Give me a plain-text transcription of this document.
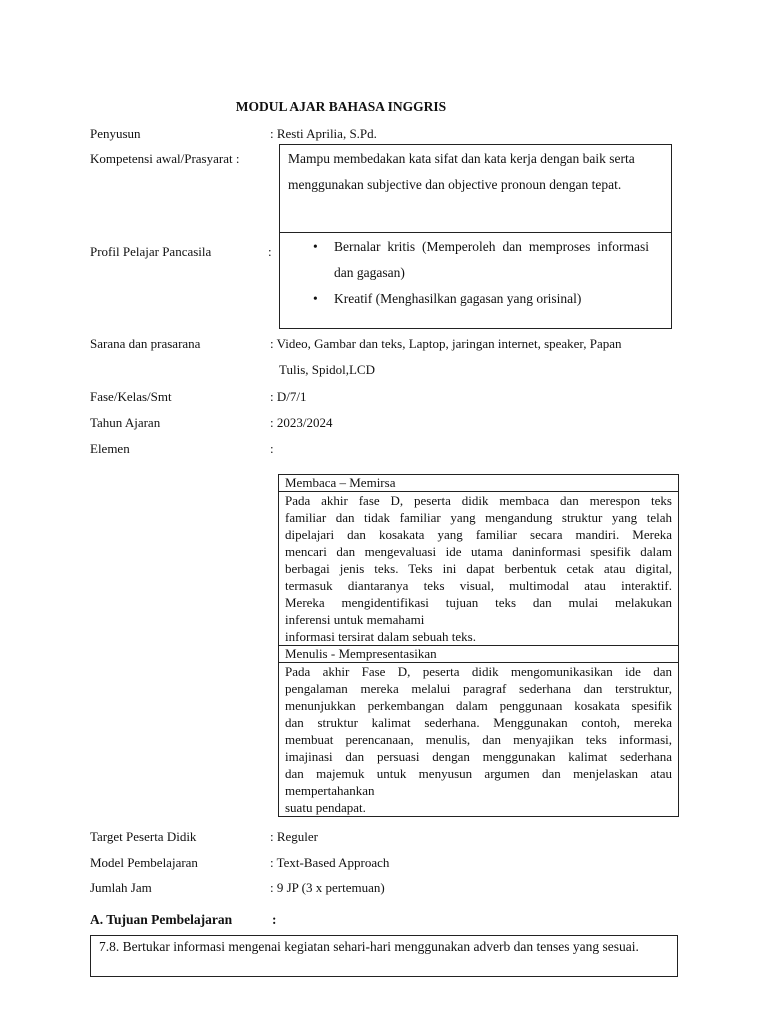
MODUL AJAR BAHASA INGGRIS
Penyusun	: Resti Aprilia, S.Pd.
Kompetensi awal/Prasyarat :	Mampu membedakan kata sifat dan kata kerja dengan baik serta
menggunakan subjective dan objective pronoun dengan tepat.
Profil Pelajar Pancasila	:	• Bernalar kritis (Memperoleh dan memproses informasi dan gagasan)
• Kreatif (Menghasilkan gagasan yang orisinal)
Sarana dan prasarana	: Video, Gambar dan teks, Laptop, jaringan internet, speaker, Papan
Tulis, Spidol,LCD
Fase/Kelas/Smt	: D/7/1
Tahun Ajaran	: 2023/2024
Elemen	:
Membaca – Memirsa
Pada akhir fase D, peserta didik membaca dan merespon teks
familiar dan tidak familiar yang mengandung struktur yang telah
dipelajari dan kosakata yang familiar secara mandiri. Mereka
mencari dan mengevaluasi ide utama daninformasi spesifik dalam
berbagai jenis teks. Teks ini dapat berbentuk cetak atau digital,
termasuk diantaranya teks visual, multimodal atau interaktif.
Mereka mengidentifikasi tujuan teks dan mulai melakukan
inferensi untuk memahami
informasi tersirat dalam sebuah teks.
Menulis - Mempresentasikan
Pada akhir Fase D, peserta didik mengomunikasikan ide dan
pengalaman mereka melalui paragraf sederhana dan terstruktur,
menunjukkan perkembangan dalam penggunaan kosakata spesifik
dan struktur kalimat sederhana. Menggunakan contoh, mereka
membuat perencanaan, menulis, dan menyajikan teks informasi,
imajinasi dan persuasi dengan menggunakan kalimat sederhana
dan majemuk untuk menyusun argumen dan menjelaskan atau
mempertahankan
suatu pendapat.
Target Peserta Didik	: Reguler
Model Pembelajaran	: Text-Based Approach
Jumlah Jam	: 9 JP (3 x pertemuan)
A. Tujuan Pembelajaran	:
7.8. Bertukar informasi mengenai kegiatan sehari-hari menggunakan adverb dan tenses yang sesuai.
